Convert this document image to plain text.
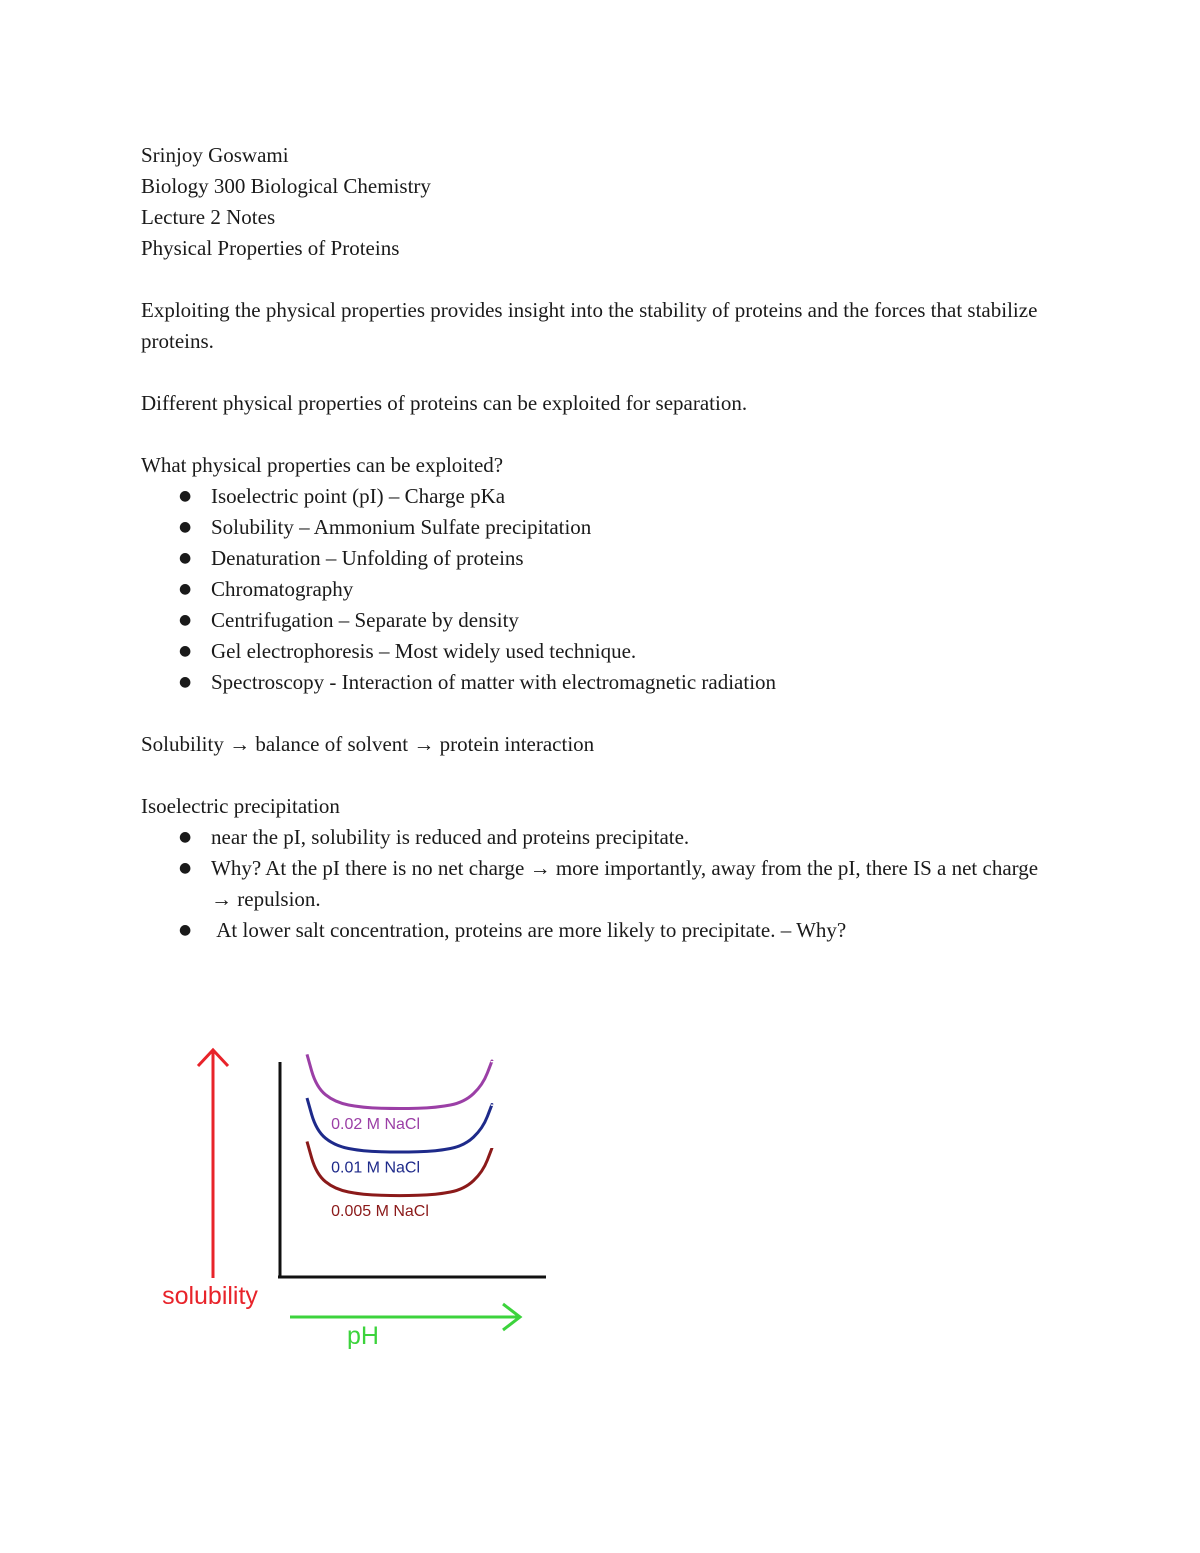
Srinjoy Goswami

Biology 300 Biological Chemistry

Lecture 2 Notes

Physical Properties of Proteins

Exploiting the physical properties provides insight into the stability of proteins and the forces that stabilize proteins.

Different physical properties of proteins can be exploited for separation.

What physical properties can be exploited?

● Isoelectric point (pI) – Charge pKa
● Solubility – Ammonium Sulfate precipitation
● Denaturation – Unfolding of proteins
● Chromatography
● Centrifugation – Separate by density
● Gel electrophoresis – Most widely used technique.
● Spectroscopy - Interaction of matter with electromagnetic radiation

Solubility → balance of solvent → protein interaction

Isoelectric precipitation

● near the pI, solubility is reduced and proteins precipitate.
● Why? At the pI there is no net charge → more importantly, away from the pI, there IS a net charge → repulsion.
● At lower salt concentration, proteins are more likely to precipitate. – Why?
0.02 M NaCl
0.01 M NaCl
0.005 M NaCl
solubility
pH
